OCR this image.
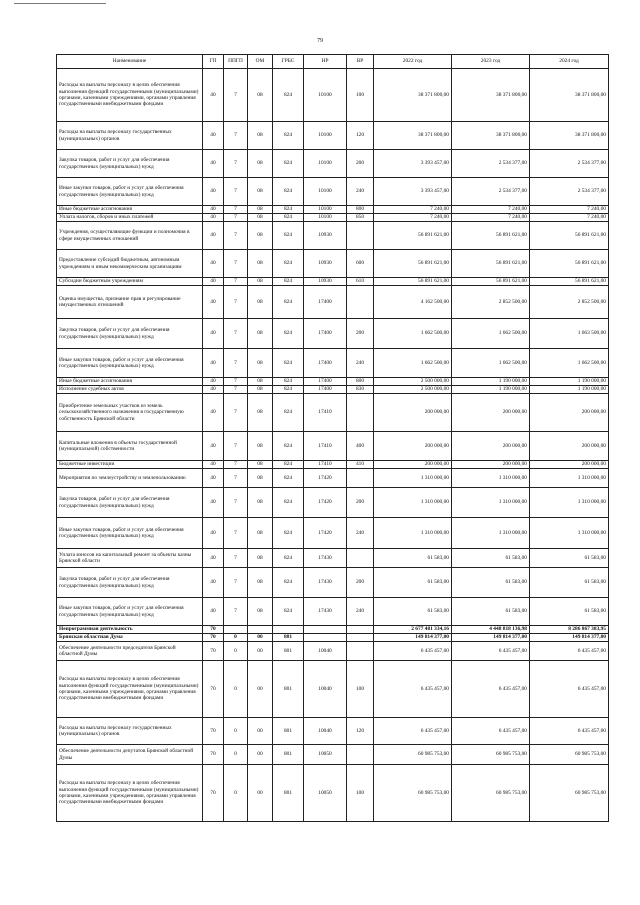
79
Наименование	ГП	ППГП	ОМ	ГРБС	НР	ВР	2022 год	2023 год	2024 год
Расходы на выплаты персоналу в целях обеспечения выполнения функций государственными (муниципальными) органами, казенными учреждениями, органами управления государственными внебюджетными фондами	40	7	08	824	10100	100	38 371 800,00	38 371 800,00	38 371 800,00
Расходы на выплаты персоналу государственных (муниципальных) органов	40	7	08	824	10100	120	38 371 800,00	38 371 800,00	38 371 800,00
Закупка товаров, работ и услуг для обеспечения государственных (муниципальных) нужд	40	7	08	824	10100	200	3 393 457,00	2 534 377,00	2 534 377,00
Иные закупки товаров, работ и услуг для обеспечения государственных (муниципальных) нужд	40	7	08	824	10100	240	3 393 457,00	2 534 377,00	2 534 377,00
Иные бюджетные ассигнования	40	7	08	824	10100	800	7 240,00	7 240,00	7 240,00
Уплата налогов, сборов и иных платежей	40	7	08	824	10100	850	7 240,00	7 240,00	7 240,00
Учреждения, осуществляющие функции и полномочия в сфере имущественных отношений	40	7	08	824	10930		56 891 621,00	56 891 621,00	56 891 621,00
Предоставление субсидий бюджетным, автономным учреждениям и иным некоммерческим организациям	40	7	08	824	10930	600	56 891 621,00	56 891 621,00	56 891 621,00
Субсидии бюджетным учреждениям	40	7	08	824	10930	610	56 891 621,00	56 891 621,00	56 891 621,00
Оценка имущества, признание прав и регулирование имущественных отношений	40	7	08	824	17400		4 162 500,00	2 852 500,00	2 852 500,00
Закупка товаров, работ и услуг для обеспечения государственных (муниципальных) нужд	40	7	08	824	17400	200	1 662 500,00	1 662 500,00	1 663 500,00
Иные закупки товаров, работ и услуг для обеспечения государственных (муниципальных) нужд	40	7	08	824	17400	240	1 662 500,00	1 662 500,00	1 662 500,00
Иные бюджетные ассигнования	40	7	08	824	17400	800	2 500 000,00	1 190 000,00	1 190 000,00
Исполнение судебных актов	40	7	08	824	17400	830	2 500 000,00	1 190 000,00	1 190 000,00
Приобретение земельных участков из земель сельскохозяйственного назначения в государственную собственность Брянской области	40	7	08	824	17410		200 000,00	200 000,00	200 000,00
Капитальные вложения в объекты государственной (муниципальной) собственности	40	7	08	824	17410	400	200 000,00	200 000,00	200 000,00
Бюджетные инвестиции	40	7	08	824	17410	410	200 000,00	200 000,00	200 000,00
Мероприятия по землеустройству и землепользованию	40	7	08	824	17420		1 310 000,00	1 310 000,00	1 310 000,00
Закупка товаров, работ и услуг для обеспечения государственных (муниципальных) нужд	40	7	08	824	17420	200	1 310 000,00	1 310 000,00	1 310 000,00
Иные закупки товаров, работ и услуг для обеспечения государственных (муниципальных) нужд	40	7	08	824	17420	240	1 310 000,00	1 310 000,00	1 310 000,00
Уплата взносов на капитальный ремонт за объекты казны Брянской области	40	7	08	824	17430		61 583,00	61 583,00	61 583,00
Закупка товаров, работ и услуг для обеспечения государственных (муниципальных) нужд	40	7	08	824	17430	200	61 583,00	61 583,00	61 583,00
Иные закупки товаров, работ и услуг для обеспечения государственных (муниципальных) нужд	40	7	08	824	17430	240	61 583,00	61 583,00	61 583,00
Непрограммная деятельность	70						2 677 481 334,16	4 448 818 136,98	8 286 867 383,95
Брянская областная Дума	70	0	00	801			149 814 377,00	149 814 377,00	149 814 377,00
Обеспечение деятельности председателя Брянской областной Думы	70	0	00	801	10040		6 435 457,00	6 435 457,00	6 435 457,00
Расходы на выплаты персоналу в целях обеспечения выполнения функций государственными (муниципальными) органами, казенными учреждениями, органами управления государственными внебюджетными фондами	70	0	00	801	10040	100	6 435 457,00	6 435 457,00	6 435 457,00
Расходы на выплаты персоналу государственных (муниципальных) органов	70	0	00	801	10040	120	6 435 457,00	6 435 457,00	6 435 457,00
Обеспечение деятельности депутатов Брянской областной Думы	70	0	00	801	10050		60 985 753,00	60 985 753,00	60 985 753,00
Расходы на выплаты персоналу в целях обеспечения выполнения функций государственными (муниципальными) органами, казенными учреждениями, органами управления государственными внебюджетными фондами	70	0	00	801	10050	100	60 985 753,00	60 985 753,00	60 985 753,00
